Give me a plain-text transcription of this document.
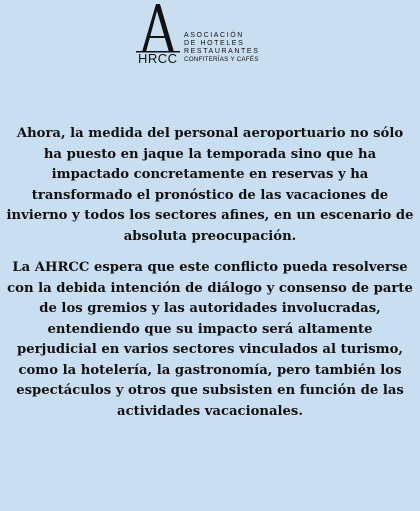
HRCC
ASOCIACIÓN
DE HOTELES
RESTAURANTES
CONFITERÍAS Y CAFÉS

Ahora, la medida del personal aeroportuario no sólo ha puesto en jaque la temporada sino que ha impactado concretamente en reservas y ha transformado el pronóstico de las vacaciones de invierno y todos los sectores afines, en un escenario de absoluta preocupación.

La AHRCC espera que este conflicto pueda resolverse con la debida intención de diálogo y consenso de parte de los gremios y las autoridades involucradas, entendiendo que su impacto será altamente perjudicial en varios sectores vinculados al turismo, como la hotelería, la gastronomía, pero también los espectáculos y otros que subsisten en función de las actividades vacacionales.
